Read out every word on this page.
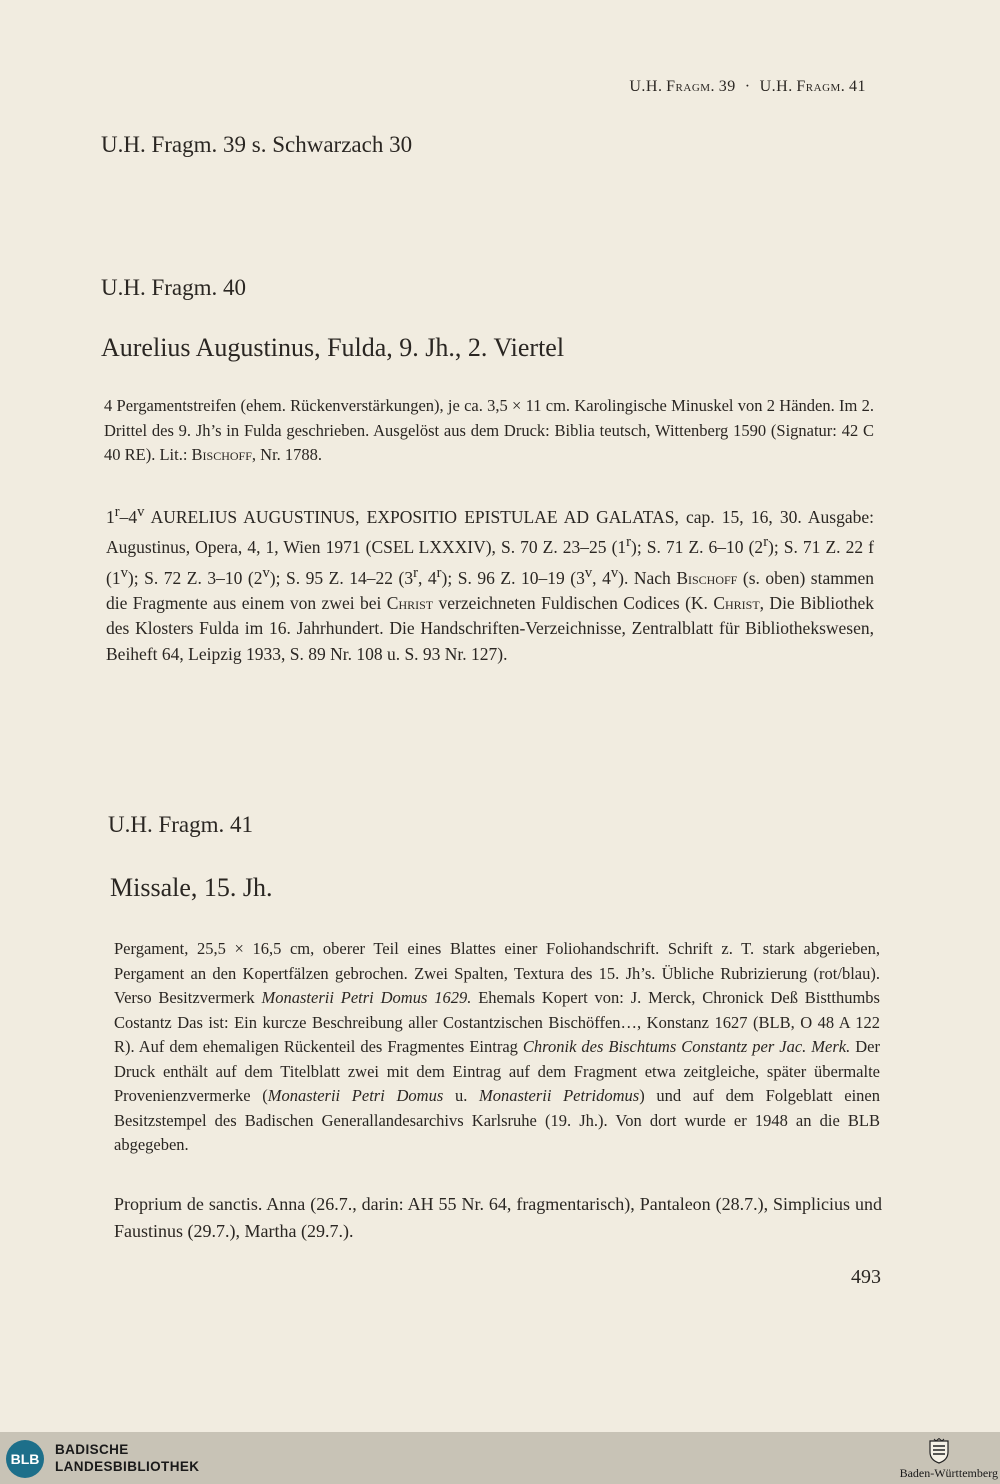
U.H.  Fragm.  39 · U.H.  Fragm.  41
U.H. Fragm. 39 s. Schwarzach 30
U.H. Fragm. 40
Aurelius Augustinus, Fulda, 9. Jh., 2. Viertel
4 Pergamentstreifen (ehem. Rückenverstärkungen), je ca. 3,5 × 11 cm. Karolingische Minuskel von 2 Händen. Im 2. Drittel des 9. Jh’s in Fulda geschrieben. Ausgelöst aus dem Druck: Biblia teutsch, Wittenberg 1590 (Signatur: 42 C 40 RE). Lit.: Bischoff, Nr. 1788.
1$^r$–4$^v$ AURELIUS AUGUSTINUS, EXPOSITIO EPISTULAE AD GALATAS, cap. 15, 16, 30. Ausgabe: Augustinus, Opera, 4, 1, Wien 1971 (CSEL LXXXIV), S. 70 Z. 23–25 (1$^r$); S. 71 Z. 6–10 (2$^r$); S. 71 Z. 22 f (1$^v$); S. 72 Z. 3–10 (2$^v$); S. 95 Z. 14–22 (3$^r$, 4$^r$); S. 96 Z. 10–19 (3$^v$, 4$^v$). Nach Bischoff (s. oben) stammen die Fragmente aus einem von zwei bei Christ verzeichneten Fuldischen Codices (K. Christ, Die Bibliothek des Klosters Fulda im 16. Jahrhundert. Die Handschriften-Verzeichnisse, Zentralblatt für Bibliothekswesen, Beiheft 64, Leipzig 1933, S. 89 Nr. 108 u. S. 93 Nr. 127).
U.H. Fragm. 41
Missale, 15. Jh.
Pergament, 25,5 × 16,5 cm, oberer Teil eines Blattes einer Foliohandschrift. Schrift z. T. stark abgerieben, Pergament an den Kopertfälzen gebrochen. Zwei Spalten, Textura des 15. Jh’s. Übliche Rubrizierung (rot/blau). Verso Besitzvermerk Monasterii Petri Domus 1629. Ehemals Kopert von: J. Merck, Chronick Deß Bistthumbs Costantz Das ist: Ein kurcze Beschreibung aller Costantzischen Bischöffen…, Konstanz 1627 (BLB, O 48 A 122 R). Auf dem ehemaligen Rückenteil des Fragmentes Eintrag Chronik des Bischtums Constantz per Jac. Merk. Der Druck enthält auf dem Titelblatt zwei mit dem Eintrag auf dem Fragment etwa zeitgleiche, später übermalte Provenienzvermerke (Monasterii Petri Domus u. Monasterii Petridomus) und auf dem Folgeblatt einen Besitzstempel des Badischen Generallandesarchivs Karlsruhe (19. Jh.). Von dort wurde er 1948 an die BLB abgegeben.
Proprium de sanctis. Anna (26.7., darin: AH 55 Nr. 64, fragmentarisch), Pantaleon (28.7.), Simplicius und Faustinus (29.7.), Martha (29.7.).
493
BLB
BADISCHE
LANDESBIBLIOTHEK	Baden-Württemberg
